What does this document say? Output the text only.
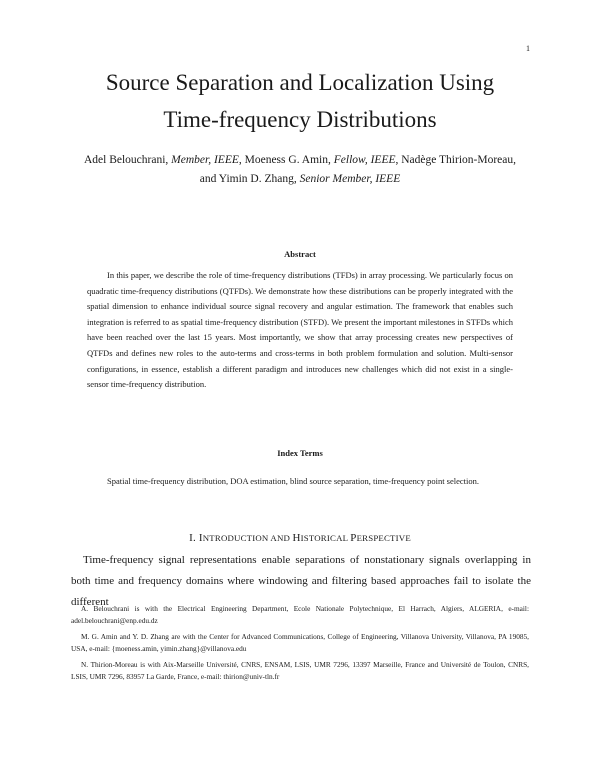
1
Source Separation and Localization Using
Time-frequency Distributions

Adel Belouchrani, Member, IEEE, Moeness G. Amin, Fellow, IEEE, Nadège Thirion-Moreau,
and Yimin D. Zhang, Senior Member, IEEE

Abstract

In this paper, we describe the role of time-frequency distributions (TFDs) in array processing. We particularly focus on quadratic time-frequency distributions (QTFDs). We demonstrate how these distributions can be properly integrated with the spatial dimension to enhance individual source signal recovery and angular estimation. The framework that enables such integration is referred to as spatial time-frequency distribution (STFD). We present the important milestones in STFDs which have been reached over the last 15 years. Most importantly, we show that array processing creates new perspectives of QTFDs and defines new roles to the auto-terms and cross-terms in both problem formulation and solution. Multi-sensor configurations, in essence, establish a different paradigm and introduces new challenges which did not exist in a single-sensor time-frequency distribution.

Index Terms

Spatial time-frequency distribution, DOA estimation, blind source separation, time-frequency point selection.

I. INTRODUCTION AND HISTORICAL PERSPECTIVE

Time-frequency signal representations enable separations of nonstationary signals overlapping in both time and frequency domains where windowing and filtering based approaches fail to isolate the different

A. Belouchrani is with the Electrical Engineering Department, Ecole Nationale Polytechnique, El Harrach, Algiers, ALGERIA, e-mail: adel.belouchrani@enp.edu.dz

M. G. Amin and Y. D. Zhang are with the Center for Advanced Communications, College of Engineering, Villanova University, Villanova, PA 19085, USA, e-mail: {moeness.amin, yimin.zhang}@villanova.edu

N. Thirion-Moreau is with Aix-Marseille Université, CNRS, ENSAM, LSIS, UMR 7296, 13397 Marseille, France and Université de Toulon, CNRS, LSIS, UMR 7296, 83957 La Garde, France, e-mail: thirion@univ-tln.fr
